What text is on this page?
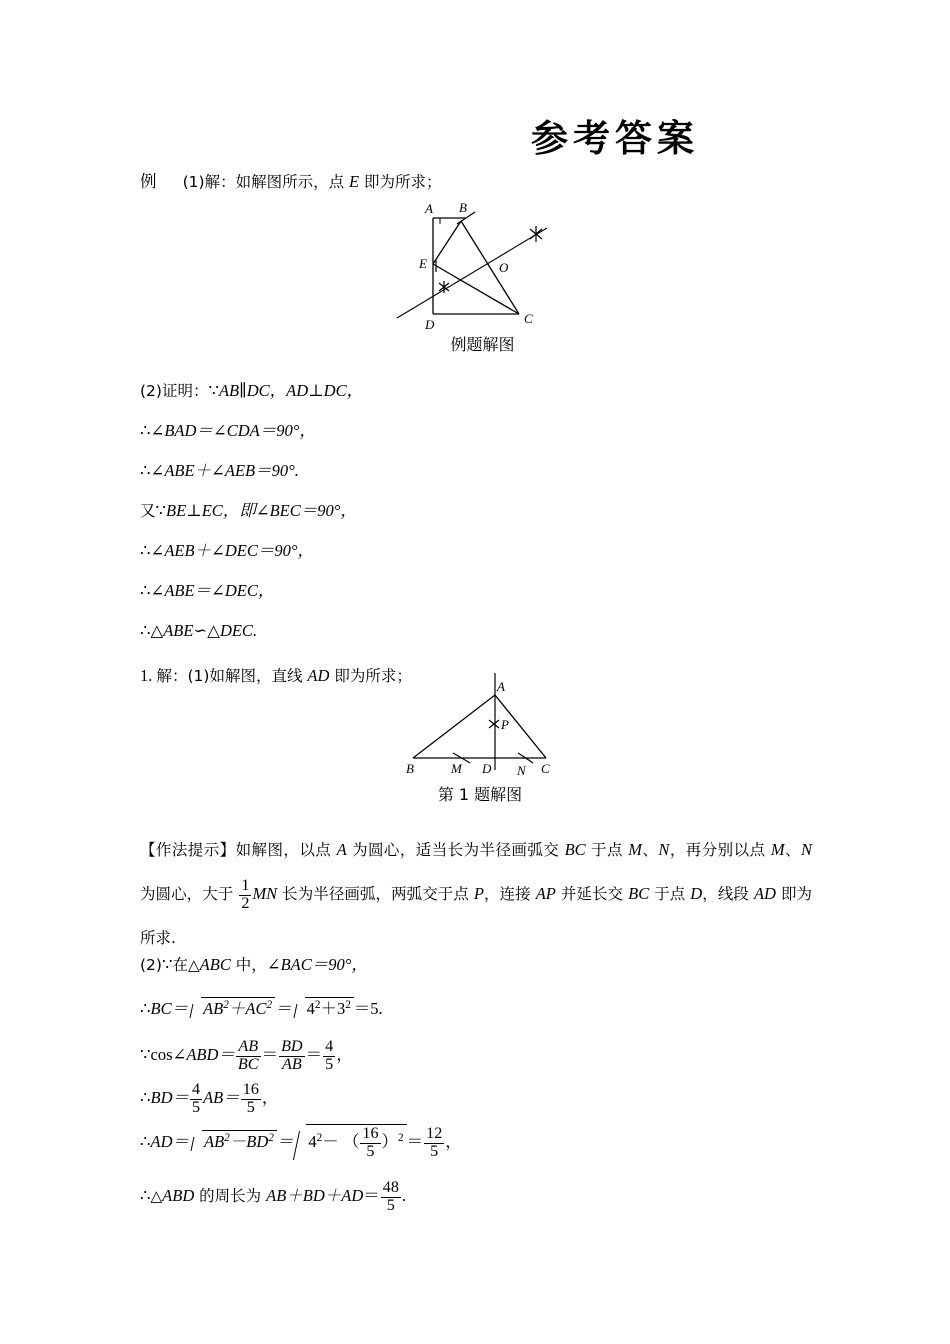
参考答案
例 (1)解：如解图所示，点 E 即为所求；
A B
E
D	C
O
例题解图
(2)证明：∵AB∥DC，AD⊥DC，
∴∠BAD＝∠CDA＝90°，
∴∠ABE＋∠AEB＝90°.
又∵BE⊥EC，即∠BEC＝90°，
∴∠AEB＋∠DEC＝90°，
∴∠ABE＝∠DEC，
∴△ABE∽△DEC.
1. 解：(1)如解图，直线 AD 即为所求；
A
B	C
D
M	N
P
第 1 题解图
【作法提示】如解图，以点 A 为圆心，适当长为半径画弧交 BC 于点 M、N，再分别以点 M、N 为圆心，大于 $\frac{1}{2}$ MN 长为半径画弧，两弧交于点 P，连接 AP 并延长交 BC 于点 D，线段 AD 即为所求.
(2)∵在 △ ABC 中，∠BAC＝90°，
∴BC＝ $AB^2+AC^2 = 4^2+3^2 =5$.
∵cos ∠ $ABD= \frac{AB}{BC} = \frac{BD}{AB} = \frac{4}{5}$ ，
∴BD＝ $\frac{4}{5} AB= \frac{16}{5}$ ，
∴AD＝ $AB^2-BD^2 = 4^2-$ （ $\frac{16}{5} )^2 = \frac{12}{5}$ ，
∴ △ ABD 的周长为 $AB+BD+AD= \frac{48}{5}$ .
